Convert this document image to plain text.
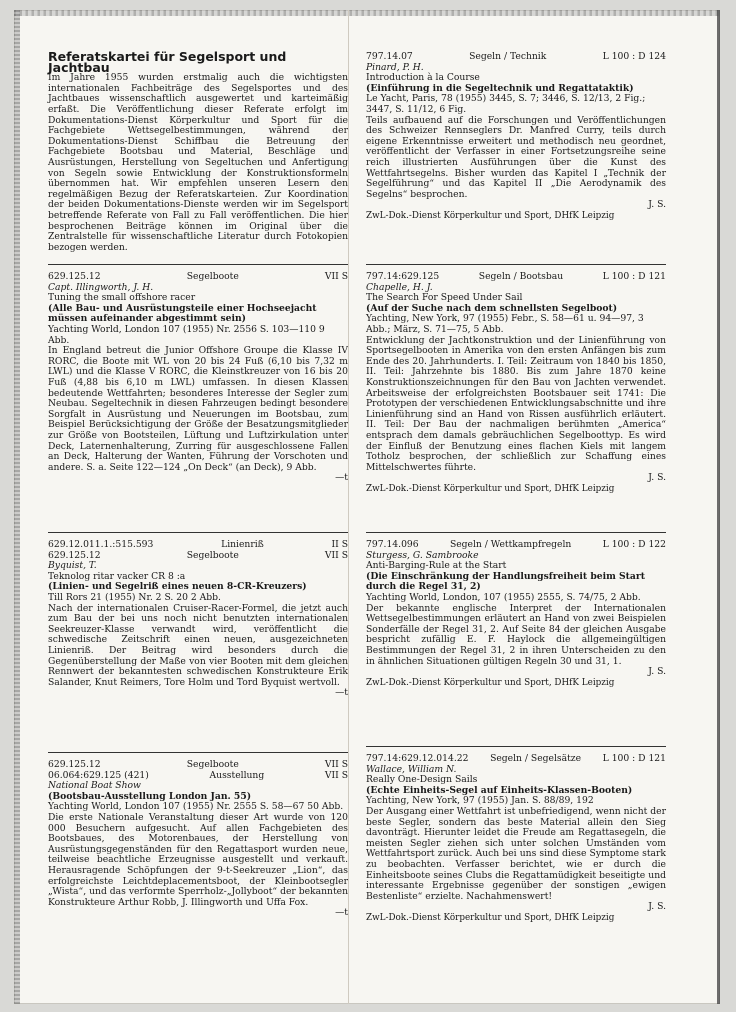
Referatskartei für Segelsport und Jachtbau

Im Jahre 1955 wurden erstmalig auch die wichtigsten internationalen Fachbeiträge des Segelsportes und des Jachtbaues wissenschaftlich ausgewertet und karteimäßig erfaßt. Die Veröffentlichung dieser Referate erfolgt im Dokumentations-Dienst Körperkultur und Sport für die Fachgebiete Wettsegelbestimmungen, während der Dokumentations-Dienst Schiffbau die Betreuung der Fachgebiete Bootsbau und Material, Beschläge und Ausrüstungen, Herstellung von Segeltuchen und Anfertigung von Segeln sowie Entwicklung der Konstruktionsformeln übernommen hat. Wir empfehlen unseren Lesern den regelmäßigen Bezug der Referatskarteien. Zur Koordination der beiden Dokumentations-Dienste werden wir im Segelsport betreffende Referate von Fall zu Fall veröffentlichen. Die hier besprochenen Beiträge können im Original über die Zentralstelle für wissenschaftliche Literatur durch Fotokopien bezogen werden.

629.125.12	Segelboote	VII S

Capt. Illingworth, J. H.

Tuning the small offshore racer

(Alle Bau- und Ausrüstungsteile einer Hochseejacht müssen aufeinander abgestimmt sein)

Yachting World, London 107 (1955) Nr. 2556 S. 103—110 9 Abb.

In England betreut die Junior Offshore Groupe die Klasse IV RORC, die Boote mit WL von 20 bis 24 Fuß (6,10 bis 7,32 m LWL) und die Klasse V RORC, die Kleinstkreuzer von 16 bis 20 Fuß (4,88 bis 6,10 m LWL) umfassen. In diesen Klassen bedeutende Wettfahrten; besonderes Interesse der Segler zum Neubau. Segeltechnik in diesen Fahrzeugen bedingt besondere Sorgfalt in Ausrüstung und Neuerungen im Bootsbau, zum Beispiel Berücksichtigung der Größe der Besatzungsmitglieder zur Größe von Bootsteilen, Lüftung und Luftzirkulation unter Deck, Laternenhalterung, Zurring für ausgeschlossene Fallen an Deck, Halterung der Wanten, Führung der Vorschoten und andere. S. a. Seite 122—124 „On Deck“ (an Deck), 9 Abb.

—t

629.12.011.1.:515.593	Linienriß	II S
629.125.12	Segelboote	VII S

Byquist, T.

Teknolog ritar vacker CR 8 :a

(Linien- und Segelriß eines neuen 8-CR-Kreuzers)

Till Rors 21 (1955) Nr. 2 S. 20 2 Abb.

Nach der internationalen Cruiser-Racer-Formel, die jetzt auch zum Bau der bei uns noch nicht benutzten internationalen Seekreuzer-Klasse verwandt wird, veröffentlicht die schwedische Zeitschrift einen neuen, ausgezeichneten Linienriß. Der Beitrag wird besonders durch die Gegenüberstellung der Maße von vier Booten mit dem gleichen Rennwert der bekanntesten schwedischen Konstrukteure Erik Salander, Knut Reimers, Tore Holm und Tord Byquist wertvoll.

—t

629.125.12	Segelboote	VII S
06.064:629.125 (421)	Ausstellung	VII S

National Boat Show

(Bootsbau-Ausstellung London Jan. 55)

Yachting World, London 107 (1955) Nr. 2555 S. 58—67 50 Abb.

Die erste Nationale Veranstaltung dieser Art wurde von 120 000 Besuchern aufgesucht. Auf allen Fachgebieten des Bootsbaues, des Motorenbaues, der Herstellung von Ausrüstungsgegenständen für den Regattasport wurden neue, teilweise beachtliche Erzeugnisse ausgestellt und verkauft. Herausragende Schöpfungen der 9-t-Seekreuzer „Lion“, das erfolgreichste Leichtdeplacementsboot, der Kleinbootsegler „Wista“, und das verformte Sperrholz-„Jollyboot“ der bekannten Konstrukteure Arthur Robb, J. Illingworth und Uffa Fox.

—t

797.14.07	Segeln / Technik	L 100 : D 124

Pinard, P. H.

Introduction à la Course

(Einführung in die Segeltechnik und Regattataktik)

Le Yacht, Paris, 78 (1955) 3445, S. 7; 3446, S. 12/13, 2 Fig.; 3447, S. 11/12, 6 Fig.

Teils aufbauend auf die Forschungen und Veröffentlichungen des Schweizer Rennseglers Dr. Manfred Curry, teils durch eigene Erkenntnisse erweitert und methodisch neu geordnet, veröffentlicht der Verfasser in einer Fortsetzungsreihe seine reich illustrierten Ausführungen über die Kunst des Wettfahrtsegelns. Bisher wurden das Kapitel I „Technik der Segelführung“ und das Kapitel II „Die Aerodynamik des Segelns“ besprochen.

J. S.

ZwL-Dok.-Dienst Körperkultur und Sport, DHfK Leipzig

797.14:629.125	Segeln / Bootsbau	L 100 : D 121

Chapelle, H. J.

The Search For Speed Under Sail

(Auf der Suche nach dem schnellsten Segelboot)

Yachting, New York, 97 (1955) Febr., S. 58—61 u. 94—97, 3 Abb.; März, S. 71—75, 5 Abb.

Entwicklung der Jachtkonstruktion und der Linienführung von Sportsegelbooten in Amerika von den ersten Anfängen bis zum Ende des 20. Jahrhunderts. I. Teil: Zeitraum von 1840 bis 1850, II. Teil: Jahrzehnte bis 1880. Bis zum Jahre 1870 keine Konstruktionszeichnungen für den Bau von Jachten verwendet. Arbeitsweise der erfolgreichsten Bootsbauer seit 1741: Die Prototypen der verschiedenen Entwicklungsabschnitte und ihre Linienführung sind an Hand von Rissen ausführlich erläutert. II. Teil: Der Bau der nachmaligen berühmten „America“ entsprach dem damals gebräuchlichen Segelboottyp. Es wird der Einfluß der Benutzung eines flachen Kiels mit langem Totholz besprochen, der schließlich zur Schaffung eines Mittelschwertes führte.

J. S.

ZwL-Dok.-Dienst Körperkultur und Sport, DHfK Leipzig

797.14.096	Segeln / Wettkampfregeln	L 100 : D 122

Sturgess, G. Sambrooke

Anti-Barging-Rule at the Start

(Die Einschränkung der Handlungsfreiheit beim Start durch die Regel 31, 2)

Yachting World, London, 107 (1955) 2555, S. 74/75, 2 Abb.

Der bekannte englische Interpret der Internationalen Wettsegelbestimmungen erläutert an Hand von zwei Beispielen Sonderfälle der Regel 31, 2. Auf Seite 84 der gleichen Ausgabe bespricht zufällig E. F. Haylock die allgemeingültigen Bestimmungen der Regel 31, 2 in ihren Unterscheiden zu den in ähnlichen Situationen gültigen Regeln 30 und 31, 1.

J. S.

ZwL-Dok.-Dienst Körperkultur und Sport, DHfK Leipzig

797.14:629.12.014.22	Segeln / Segelsätze	L 100 : D 121

Wallace, William N.

Really One-Design Sails

(Echte Einheits-Segel auf Einheits-Klassen-Booten)

Yachting, New York, 97 (1955) Jan. S. 88/89, 192

Der Ausgang einer Wettfahrt ist unbefriedigend, wenn nicht der beste Segler, sondern das beste Material allein den Sieg davonträgt. Hierunter leidet die Freude am Regattasegeln, die meisten Segler ziehen sich unter solchen Umständen vom Wettfahrtsport zurück. Auch bei uns sind diese Symptome stark zu beobachten. Verfasser berichtet, wie er durch die Einheitsboote seines Clubs die Regattamüdigkeit beseitigte und interessante Ergebnisse gegenüber der sonstigen „ewigen Bestenliste“ erzielte. Nachahmenswert!

J. S.

ZwL-Dok.-Dienst Körperkultur und Sport, DHfK Leipzig
